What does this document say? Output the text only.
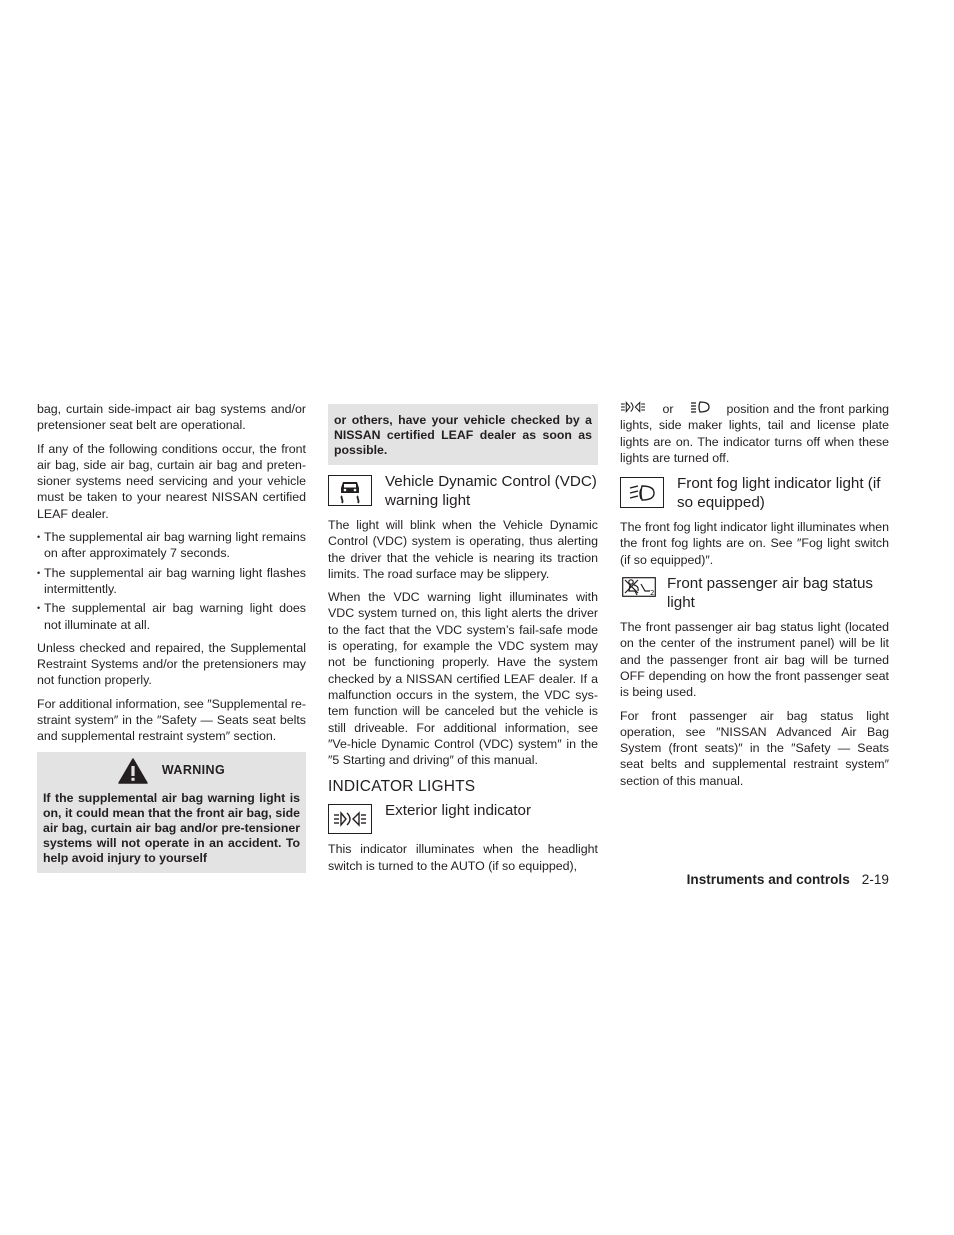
bag, curtain side-impact air bag systems and/or pretensioner seat belt are operational.

If any of the following conditions occur, the front air bag, side air bag, curtain air bag and preten-sioner systems need servicing and your vehicle must be taken to your nearest NISSAN certified LEAF dealer.

• The supplemental air bag warning light remains on after approximately 7 seconds.
• The supplemental air bag warning light flashes intermittently.
• The supplemental air bag warning light does not illuminate at all.

Unless checked and repaired, the Supplemental Restraint Systems and/or the pretensioners may not function properly.

For additional information, see ″Supplemental re-straint system″ in the ″Safety — Seats seat belts and supplemental restraint system″ section.

WARNING
If the supplemental air bag warning light is on, it could mean that the front air bag, side air bag, curtain air bag and/or pre-tensioner systems will not operate in an accident. To help avoid injury to yourself
or others, have your vehicle checked by a NISSAN certified LEAF dealer as soon as possible.
Vehicle Dynamic Control (VDC) warning light

The light will blink when the Vehicle Dynamic Control (VDC) system is operating, thus alerting the driver that the vehicle is nearing its traction limits. The road surface may be slippery.

When the VDC warning light illuminates with VDC system turned on, this light alerts the driver to the fact that the VDC system’s fail-safe mode is operating, for example the VDC system may not be functioning properly. Have the system checked by a NISSAN certified LEAF dealer. If a malfunction occurs in the system, the VDC sys-tem function will be canceled but the vehicle is still driveable. For additional information, see ″Ve-hicle Dynamic Control (VDC) system″ in the ″5 Starting and driving″ of this manual.

INDICATOR LIGHTS
Exterior light indicator

This indicator illuminates when the headlight switch is turned to the AUTO (if so equipped),

or	position and the front parking lights, side maker lights, tail and license plate lights are on. The indicator turns off when these lights are turned off.

Front fog light indicator light (if so equipped)

The front fog light indicator light illuminates when the front fog lights are on. See ″Fog light switch (if so equipped)″.

2
Front passenger air bag status light

The front passenger air bag status light (located on the center of the instrument panel) will be lit and the passenger front air bag will be turned OFF depending on how the front passenger seat is being used.

For front passenger air bag status light operation, see ″NISSAN Advanced Air Bag System (front seats)″ in the ″Safety — Seats seat belts and supplemental restraint system″ section of this manual.

Instruments and controls 2-19
